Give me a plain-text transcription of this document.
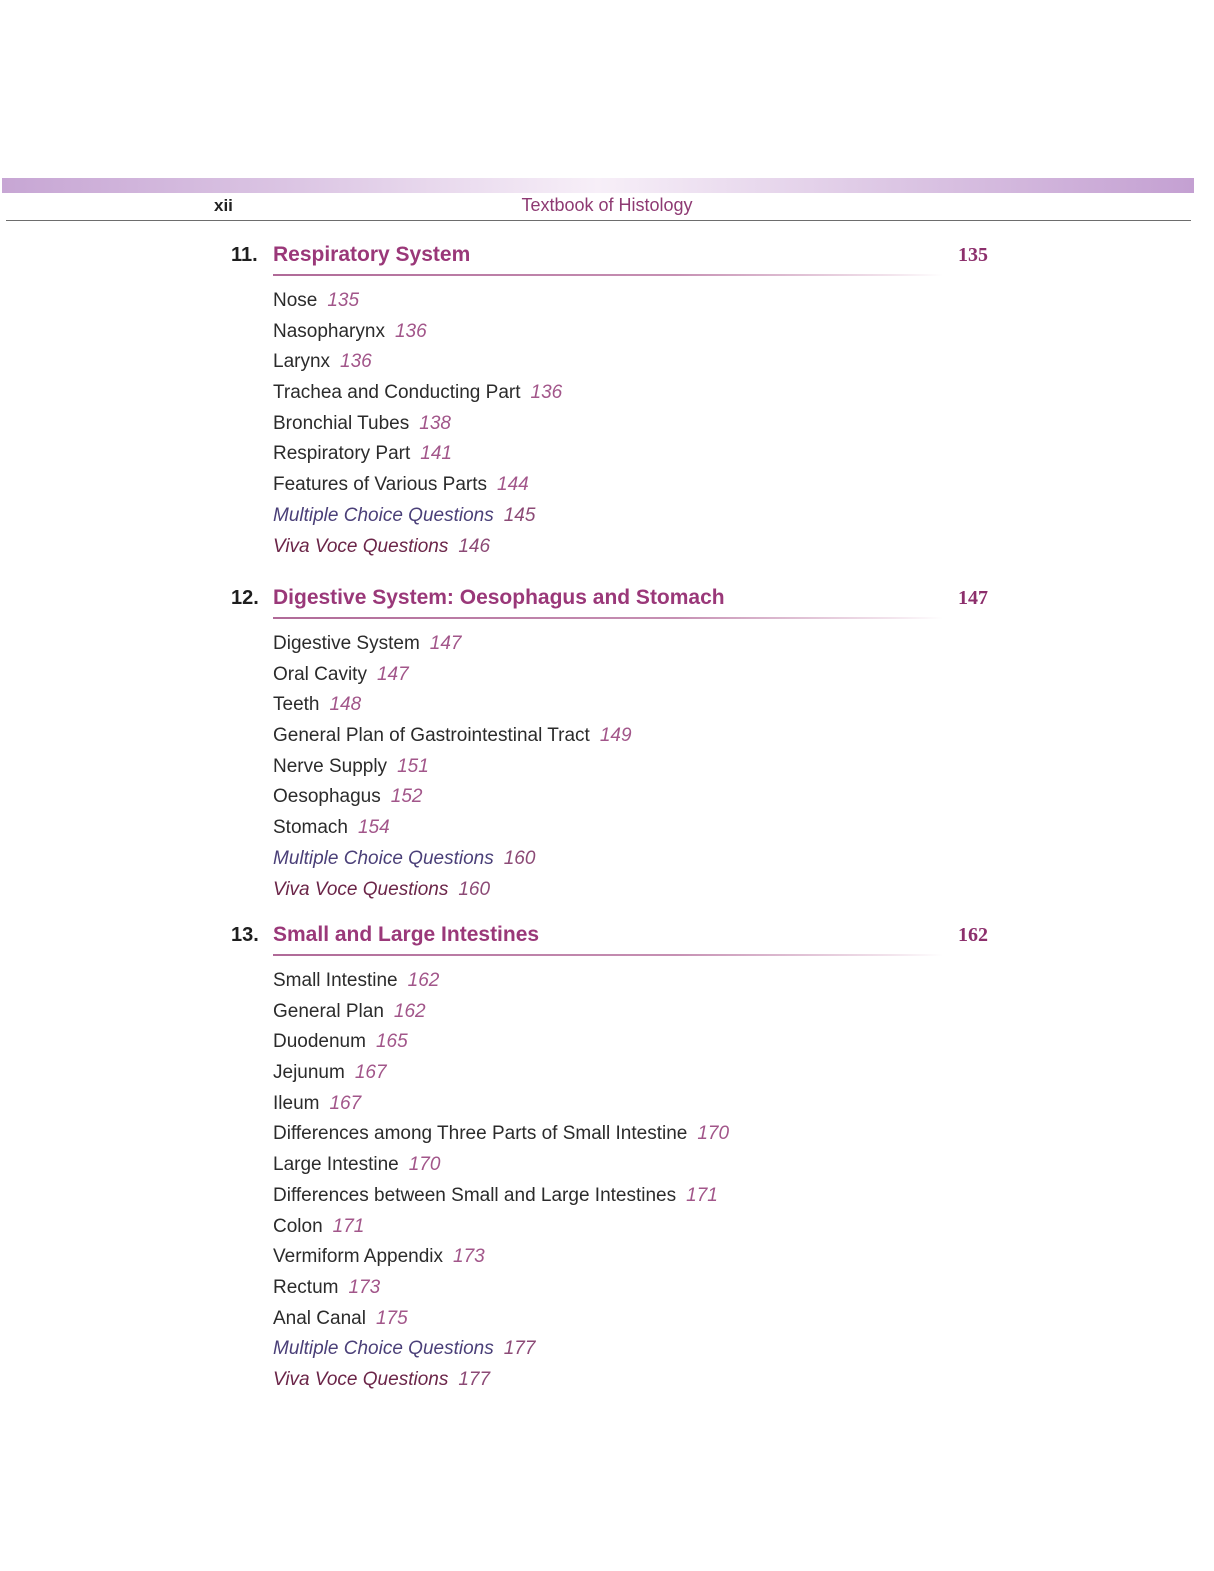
xii	Textbook of Histology
11. Respiratory System	135
Nose 135
Nasopharynx 136
Larynx 136
Trachea and Conducting Part 136
Bronchial Tubes 138
Respiratory Part 141
Features of Various Parts 144
Multiple Choice Questions 145
Viva Voce Questions 146
12. Digestive System: Oesophagus and Stomach	147
Digestive System 147
Oral Cavity 147
Teeth 148
General Plan of Gastrointestinal Tract 149
Nerve Supply 151
Oesophagus 152
Stomach 154
Multiple Choice Questions 160
Viva Voce Questions 160
13. Small and Large Intestines	162
Small Intestine 162
General Plan 162
Duodenum 165
Jejunum 167
Ileum 167
Differences among Three Parts of Small Intestine 170
Large Intestine 170
Differences between Small and Large Intestines 171
Colon 171
Vermiform Appendix 173
Rectum 173
Anal Canal 175
Multiple Choice Questions 177
Viva Voce Questions 177
